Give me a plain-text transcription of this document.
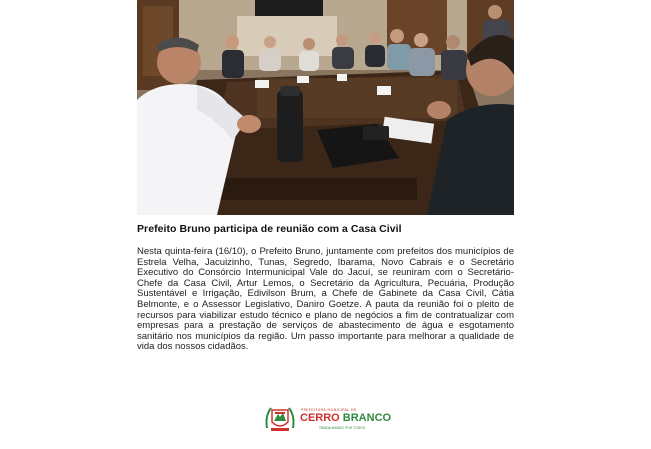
Prefeito Bruno participa de reunião com a Casa Civil
Nesta quinta-feira (16/10), o Prefeito Bruno, juntamente com prefeitos dos municípios de Estrela Velha, Jacuizinho, Tunas, Segredo, Ibarama, Novo Cabrais e o Secretário Executivo do Consórcio Intermunicipal Vale do Jacuí, se reuniram com o Secretário-Chefe da Casa Civil, Artur Lemos, o Secretário da Agricultura, Pecuária, Produção Sustentável e Irrigação, Edivilson Brum, a Chefe de Gabinete da Casa Civil, Cátia Belmonte, e o Assessor Legislativo, Daniro Goetze. A pauta da reunião foi o pleito de recursos para viabilizar estudo técnico e plano de negócios a fim de contratualizar com empresas para a prestação de serviços de abastecimento de água e esgotamento sanitário nos municípios da região. Um passo importante para melhorar a qualidade de vida dos nossos cidadãos.
PREFEITURA MUNICIPAL DE
CERRO BRANCO
TRABALHANDO POR TODOS
